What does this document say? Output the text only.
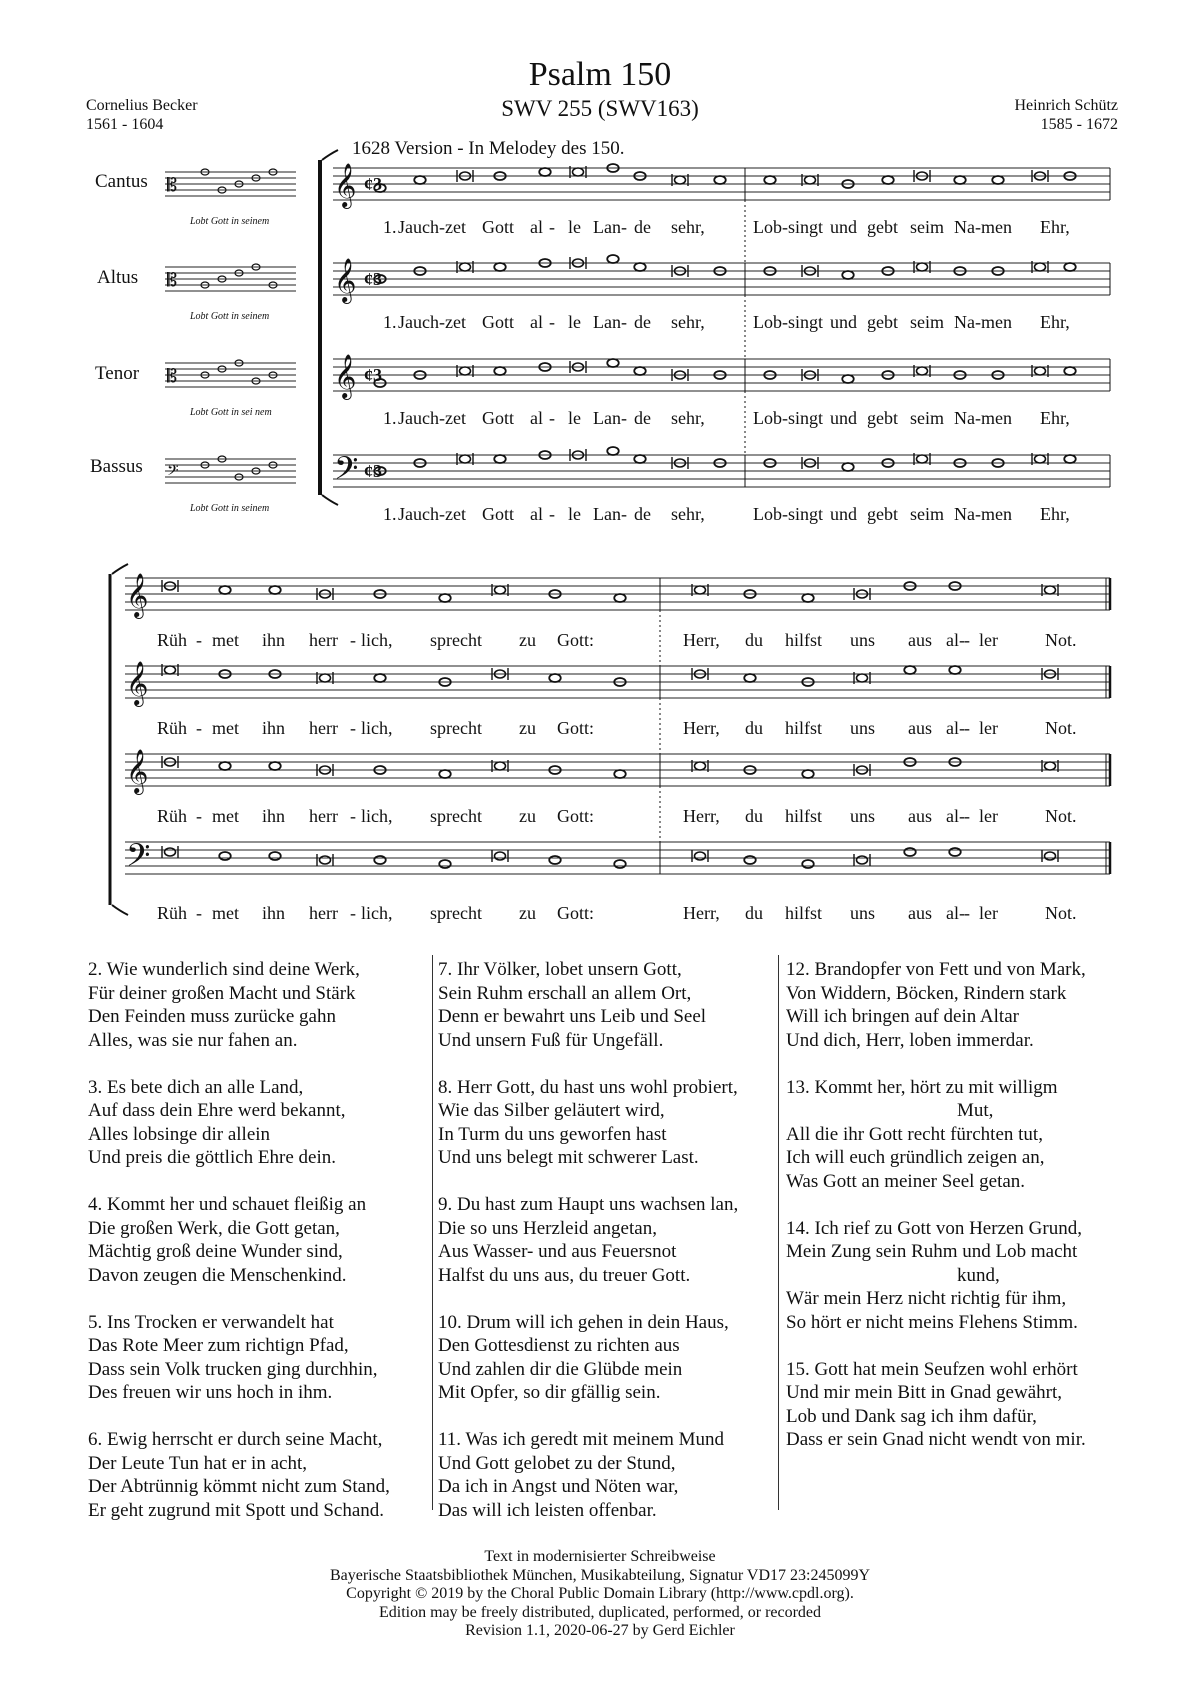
Psalm 150
SWV 255 (SWV163)
Cornelius Becker
1561 - 1604
Heinrich Schütz
1585 - 1672
1628 Version - In Melodey des 150.
Cantus
Altus
Tenor
Bassus
𝄡
Lobt Gott in seinem
𝄡
Lobt Gott in seinem
𝄡
Lobt Gott in sei nem
𝄢
Lobt Gott in seinem
𝄞 ¢3
𝄞 ¢3
𝄞 ¢3
𝄢 ¢3
1. Jauch-zet Gott al - le Lan - de sehr,	Lob-singt und gebt seim Na-men Ehr,
1. Jauch-zet Gott al - le Lan - de sehr,	Lob-singt und gebt seim Na-men Ehr,
1. Jauch-zet Gott al - le Lan - de sehr,	Lob-singt und gebt seim Na-men Ehr,
1. Jauch-zet Gott al - le Lan - de sehr,	Lob-singt und gebt seim Na-men Ehr,
𝄞
𝄞
𝄞
𝄢
Rüh - met ihn herr - lich, sprecht zu Gott:	Herr, du hilfst uns aus al- - ler	Not.
Rüh - met ihn herr - lich, sprecht zu Gott:	Herr, du hilfst uns aus al- - ler	Not.
Rüh - met ihn herr - lich, sprecht zu Gott:	Herr, du hilfst uns aus al- - ler	Not.
Rüh - met ihn herr - lich, sprecht zu Gott:	Herr, du hilfst uns aus al- - ler	Not.
2. Wie wunderlich sind deine Werk,
Für deiner großen Macht und Stärk
Den Feinden muss zurücke gahn
Alles, was sie nur fahen an.
3. Es bete dich an alle Land,
Auf dass dein Ehre werd bekannt,
Alles lobsinge dir allein
Und preis die göttlich Ehre dein.
4. Kommt her und schauet fleißig an
Die großen Werk, die Gott getan,
Mächtig groß deine Wunder sind,
Davon zeugen die Menschenkind.
5. Ins Trocken er verwandelt hat
Das Rote Meer zum richtign Pfad,
Dass sein Volk trucken ging durchhin,
Des freuen wir uns hoch in ihm.
6. Ewig herrscht er durch seine Macht,
Der Leute Tun hat er in acht,
Der Abtrünnig kömmt nicht zum Stand,
Er geht zugrund mit Spott und Schand.
7. Ihr Völker, lobet unsern Gott,
Sein Ruhm erschall an allem Ort,
Denn er bewahrt uns Leib und Seel
Und unsern Fuß für Ungefäll.
8. Herr Gott, du hast uns wohl probiert,
Wie das Silber geläutert wird,
In Turm du uns geworfen hast
Und uns belegt mit schwerer Last.
9. Du hast zum Haupt uns wachsen lan,
Die so uns Herzleid angetan,
Aus Wasser- und aus Feuersnot
Halfst du uns aus, du treuer Gott.
10. Drum will ich gehen in dein Haus,
Den Gottesdienst zu richten aus
Und zahlen dir die Glübde mein
Mit Opfer, so dir gfällig sein.
11. Was ich geredt mit meinem Mund
Und Gott gelobet zu der Stund,
Da ich in Angst und Nöten war,
Das will ich leisten offenbar.
12. Brandopfer von Fett und von Mark,
Von Widdern, Böcken, Rindern stark
Will ich bringen auf dein Altar
Und dich, Herr, loben immerdar.
13. Kommt her, hört zu mit willigm
Mut,
All die ihr Gott recht fürchten tut,
Ich will euch gründlich zeigen an,
Was Gott an meiner Seel getan.
14. Ich rief zu Gott von Herzen Grund,
Mein Zung sein Ruhm und Lob macht
kund,
Wär mein Herz nicht richtig für ihm,
So hört er nicht meins Flehens Stimm.
15. Gott hat mein Seufzen wohl erhört
Und mir mein Bitt in Gnad gewährt,
Lob und Dank sag ich ihm dafür,
Dass er sein Gnad nicht wendt von mir.
Text in modernisierter Schreibweise
Bayerische Staatsbibliothek München, Musikabteilung, Signatur VD17 23:245099Y
Copyright © 2019 by the Choral Public Domain Library (http://www.cpdl.org).
Edition may be freely distributed, duplicated, performed, or recorded
Revision 1.1, 2020-06-27 by Gerd Eichler
